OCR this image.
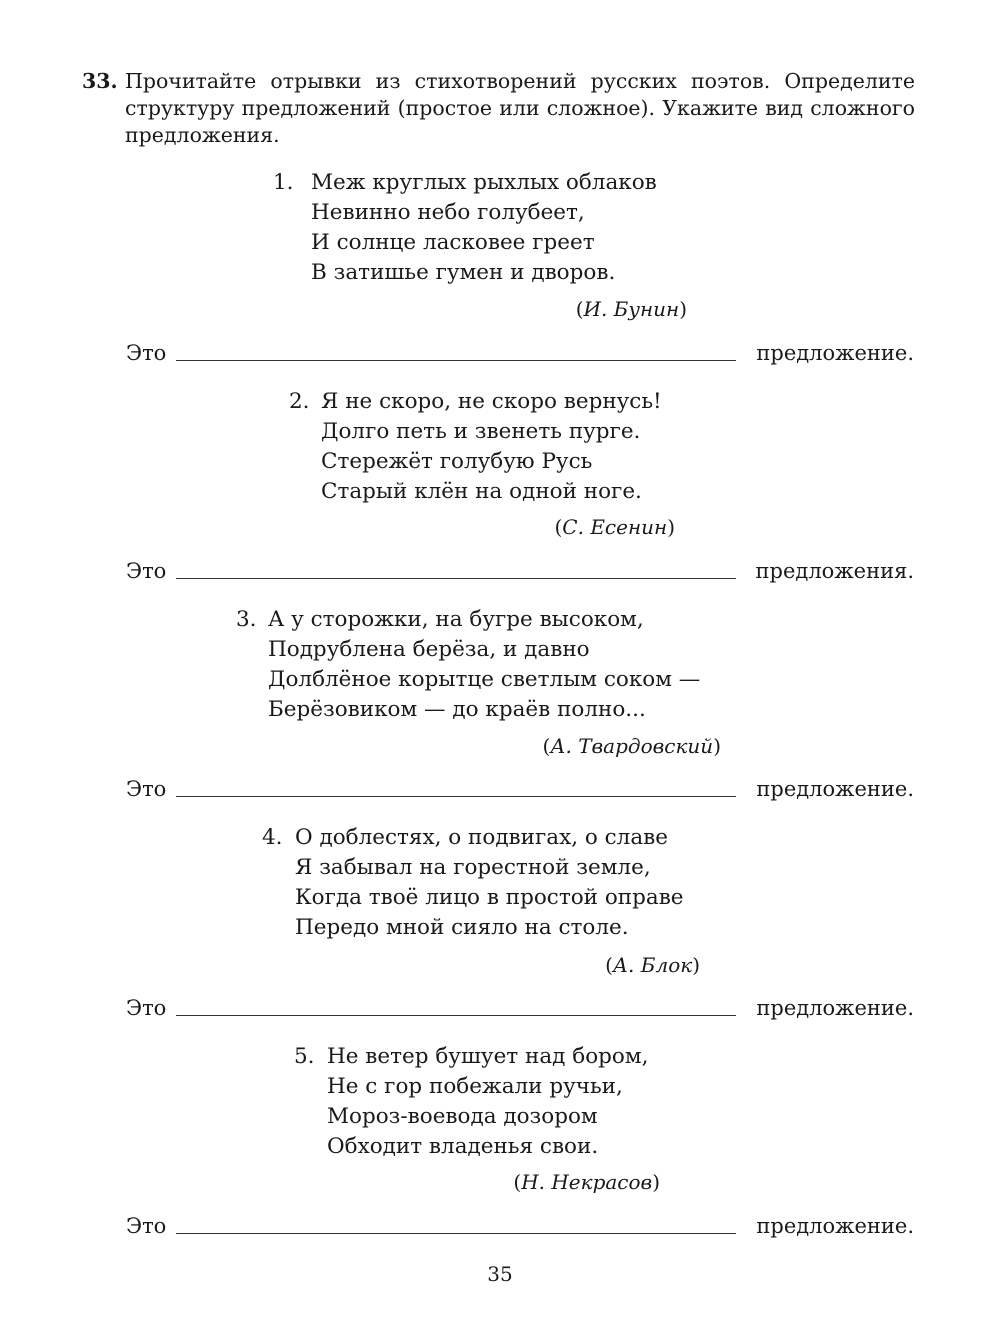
33. Прочитайте отрывки из стихотворений русских поэтов. Определите
структуру предложений (простое или сложное). Укажите вид сложного
предложения.
1. Меж круглых рыхлых облаков
Невинно небо голубеет,
И солнце ласковее греет
В затишье гумен и дворов.
(И. Бунин)
Это	предложение.
2. Я не скоро, не скоро вернусь!
Долго петь и звенеть пурге.
Стережёт голубую Русь
Старый клён на одной ноге.
(С. Есенин)
Это	предложения.
3. А у сторожки, на бугре высоком,
Подрублена берёза, и давно
Долблёное корытце светлым соком —
Берёзовиком — до краёв полно...
(А. Твардовский)
Это	предложение.
4. О доблестях, о подвигах, о славе
Я забывал на горестной земле,
Когда твоё лицо в простой оправе
Передо мной сияло на столе.
(А. Блок)
Это	предложение.
5. Не ветер бушует над бором,
Не с гор побежали ручьи,
Мороз-воевода дозором
Обходит владенья свои.
(Н. Некрасов)
Это	предложение.
35
